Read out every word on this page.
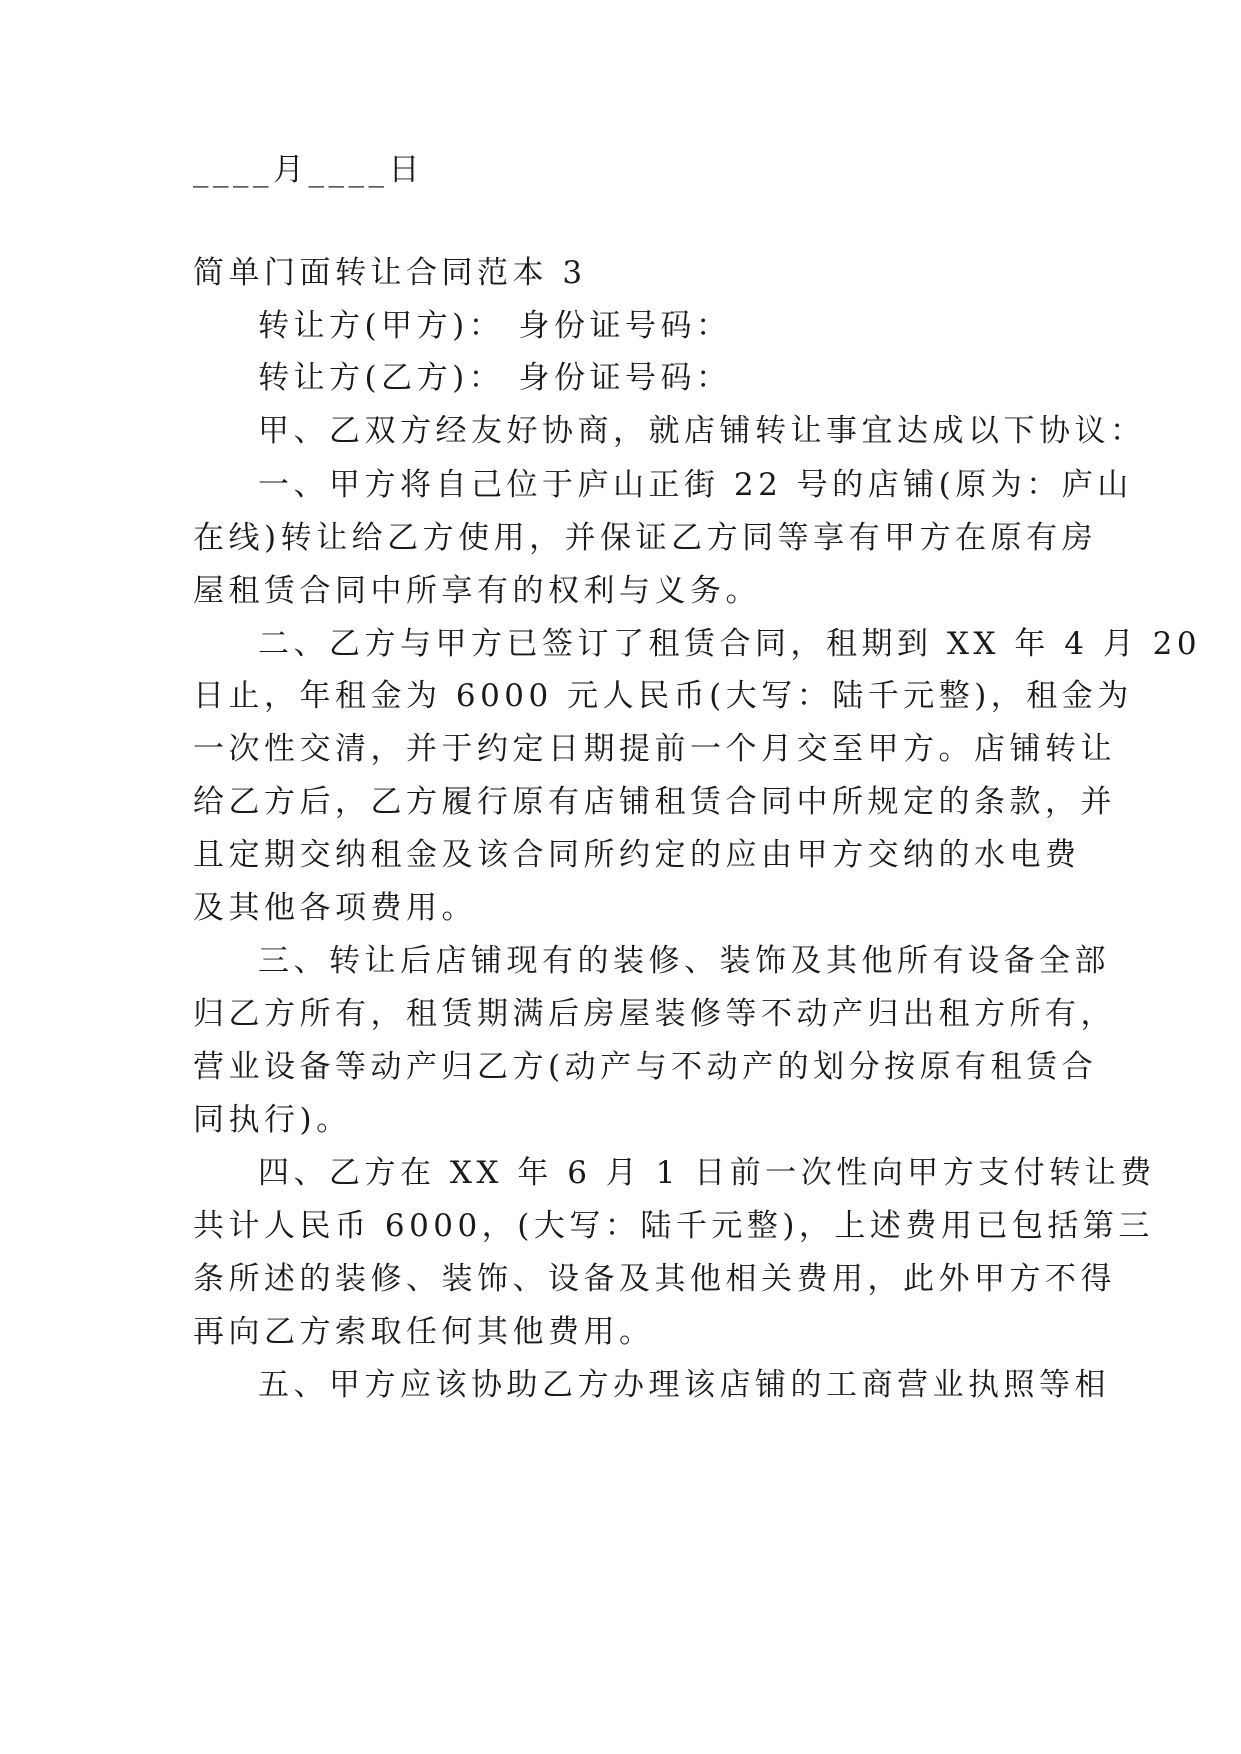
____月____日
简单门面转让合同范本 3
转让方(甲方)： 身份证号码：
转让方(乙方)： 身份证号码：
甲、乙双方经友好协商，就店铺转让事宜达成以下协议：
一、甲方将自己位于庐山正街 22 号的店铺(原为：庐山
在线)转让给乙方使用，并保证乙方同等享有甲方在原有房
屋租赁合同中所享有的权利与义务。
二、乙方与甲方已签订了租赁合同，租期到 XX 年 4 月 20
日止，年租金为 6000 元人民币(大写：陆千元整)，租金为
一次性交清，并于约定日期提前一个月交至甲方。店铺转让
给乙方后，乙方履行原有店铺租赁合同中所规定的条款，并
且定期交纳租金及该合同所约定的应由甲方交纳的水电费
及其他各项费用。
三、转让后店铺现有的装修、装饰及其他所有设备全部
归乙方所有，租赁期满后房屋装修等不动产归出租方所有，
营业设备等动产归乙方(动产与不动产的划分按原有租赁合
同执行)。
四、乙方在 XX 年 6 月 1 日前一次性向甲方支付转让费
共计人民币 6000，(大写：陆千元整)，上述费用已包括第三
条所述的装修、装饰、设备及其他相关费用，此外甲方不得
再向乙方索取任何其他费用。
五、甲方应该协助乙方办理该店铺的工商营业执照等相
